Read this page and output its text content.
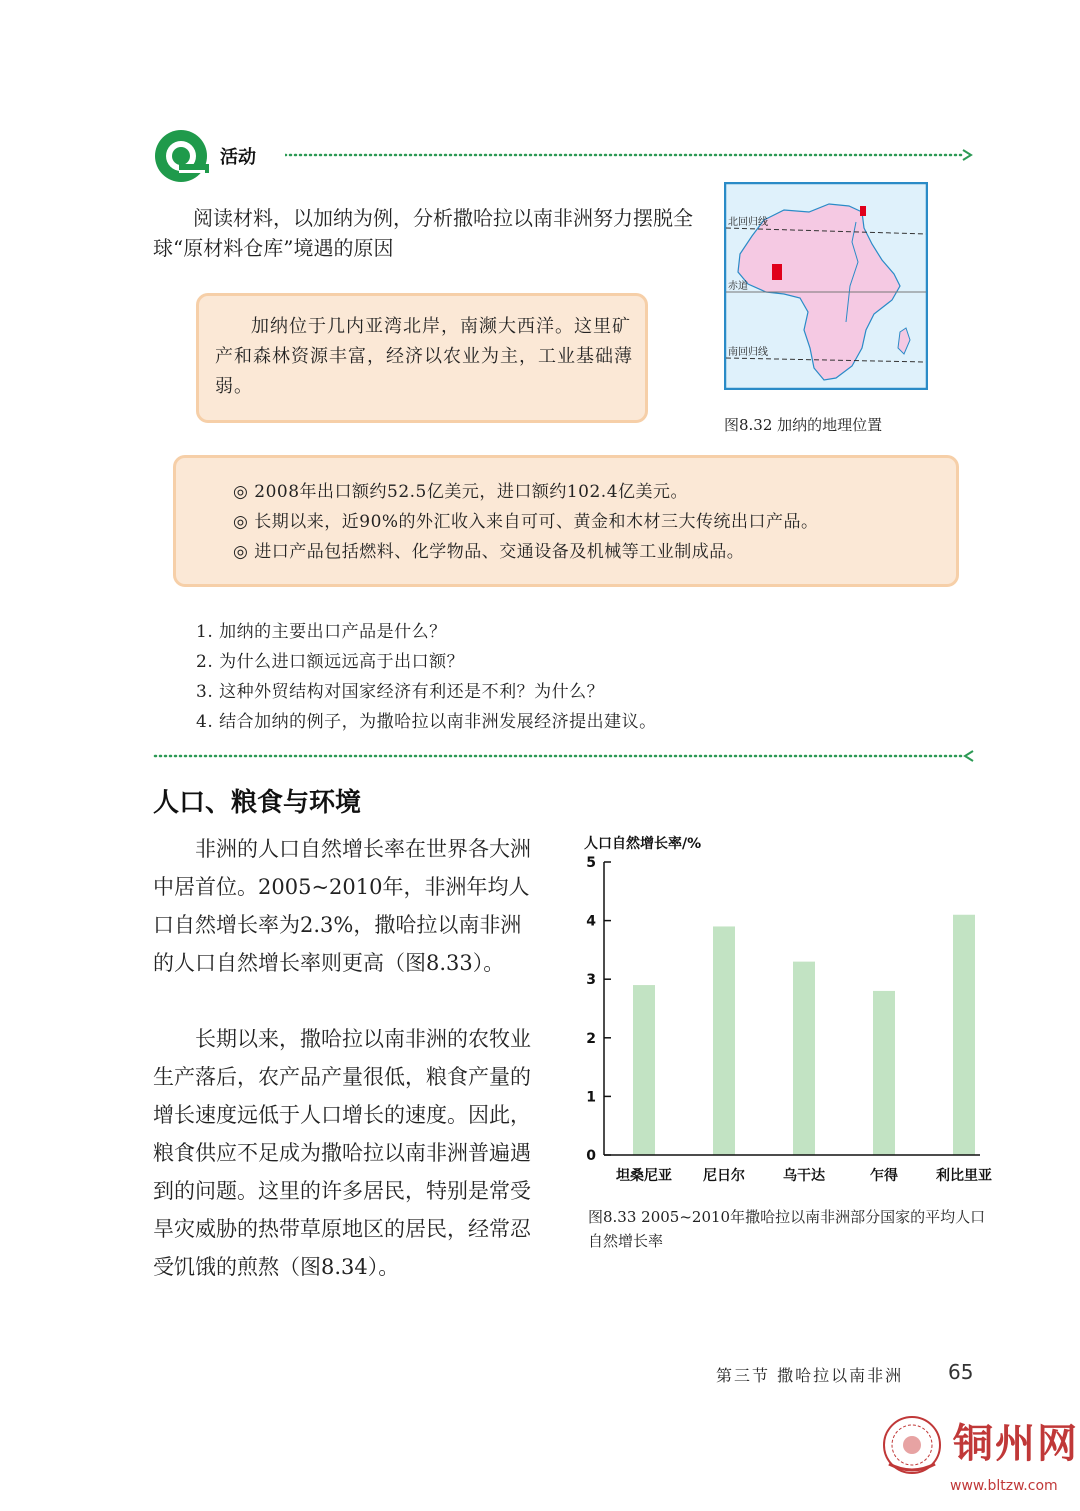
活动
阅读材料，以加纳为例，分析撒哈拉以南非洲努力摆脱全球“原材料仓库”境遇的原因
加纳位于几内亚湾北岸，南濒大西洋。这里矿产和森林资源丰富，经济以农业为主，工业基础薄弱。
北回归线
赤道
南回归线
图8.32 加纳的地理位置
◎ 2008年出口额约52.5亿美元，进口额约102.4亿美元。
◎ 长期以来，近90%的外汇收入来自可可、黄金和木材三大传统出口产品。
◎ 进口产品包括燃料、化学物品、交通设备及机械等工业制成品。
1. 加纳的主要出口产品是什么？
2. 为什么进口额远远高于出口额？
3. 这种外贸结构对国家经济有利还是不利？为什么？
4. 结合加纳的例子，为撒哈拉以南非洲发展经济提出建议。
人口、粮食与环境
非洲的人口自然增长率在世界各大洲中居首位。2005~2010年，非洲年均人口自然增长率为2.3%，撒哈拉以南非洲的人口自然增长率则更高（图8.33）。
长期以来，撒哈拉以南非洲的农牧业生产落后，农产品产量很低，粮食产量的增长速度远低于人口增长的速度。因此，粮食供应不足成为撒哈拉以南非洲普遍遇到的问题。这里的许多居民，特别是常受旱灾威胁的热带草原地区的居民，经常忍受饥饿的煎熬（图8.34）。
人口自然增长率/%
坦桑尼亚 尼日尔	乌干达	乍得	利比里亚
0
1
2
3
4
5
图8.33 2005~2010年撒哈拉以南非洲部分国家的平均人口自然增长率
第三节 撒哈拉以南非洲 65
铜州网
www.bltzw.com
